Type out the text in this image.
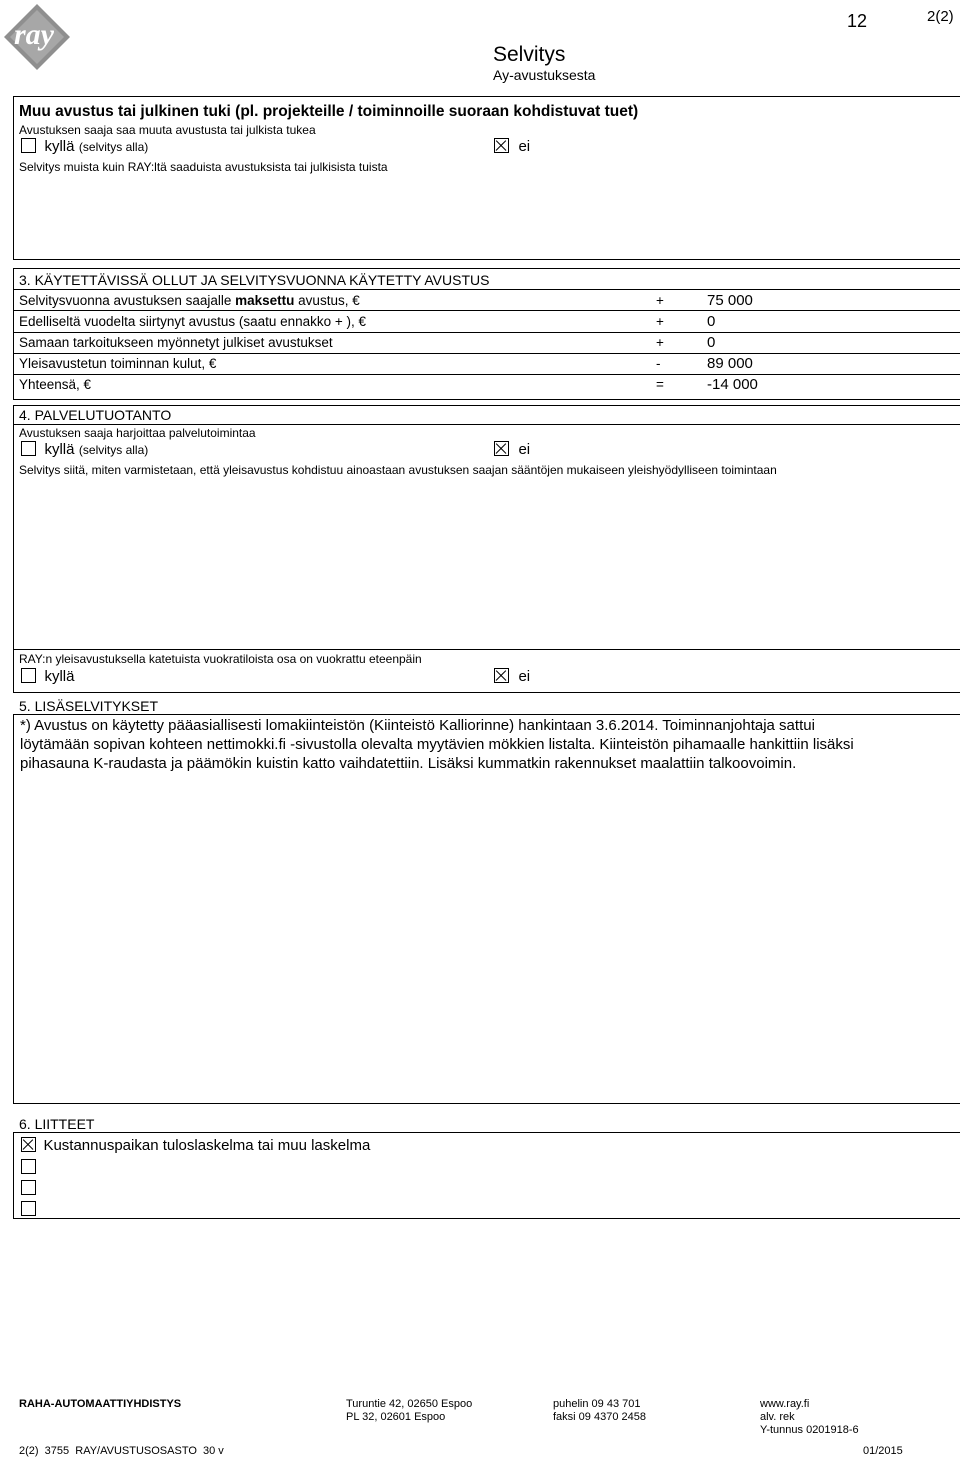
ray
Selvitys
Ay-avustuksesta
12	2(2)
Muu avustus tai julkinen tuki (pl. projekteille / toiminnoille suoraan kohdistuvat tuet)
Avustuksen saaja saa muuta avustusta tai julkista tukea
kyllä (selvitys alla)	ei
Selvitys muista kuin RAY:ltä saaduista avustuksista tai julkisista tuista
3. KÄYTETTÄVISSÄ OLLUT JA SELVITYSVUONNA KÄYTETTY AVUSTUS
Selvitysvuonna avustuksen saajalle maksettu avustus, €	+	75 000
Edelliseltä vuodelta siirtynyt avustus (saatu ennakko + ), €	+	0
Samaan tarkoitukseen myönnetyt julkiset avustukset	+	0
Yleisavustetun toiminnan kulut, €	-	89 000
Yhteensä, €	=	-14 000
4. PALVELUTUOTANTO
Avustuksen saaja harjoittaa palvelutoimintaa
kyllä (selvitys alla)	ei
Selvitys siitä, miten varmistetaan, että yleisavustus kohdistuu ainoastaan avustuksen saajan sääntöjen mukaiseen yleishyödylliseen toimintaan
RAY:n yleisavustuksella katetuista vuokratiloista osa on vuokrattu eteenpäin
kyllä	ei
5. LISÄSELVITYKSET
*) Avustus on käytetty pääasiallisesti lomakiinteistön (Kiinteistö Kalliorinne) hankintaan 3.6.2014. Toiminnanjohtaja sattui
löytämään sopivan kohteen nettimokki.fi -sivustolla olevalta myytävien mökkien listalta. Kiinteistön pihamaalle hankittiin lisäksi
pihasauna K-raudasta ja päämökin kuistin katto vaihdatettiin. Lisäksi kummatkin rakennukset maalattiin talkoovoimin.
6. LIITTEET
Kustannuspaikan tuloslaskelma tai muu laskelma
RAHA-AUTOMAATTIYHDISTYS	Turuntie 42, 02650 Espoo
PL 32, 02601 Espoo
puhelin 09 43 701
faksi 09 4370 2458
www.ray.fi
alv. rek
Y-tunnus 0201918-6
2(2)  3755  RAY/AVUSTUSOSASTO  30 v	01/2015
